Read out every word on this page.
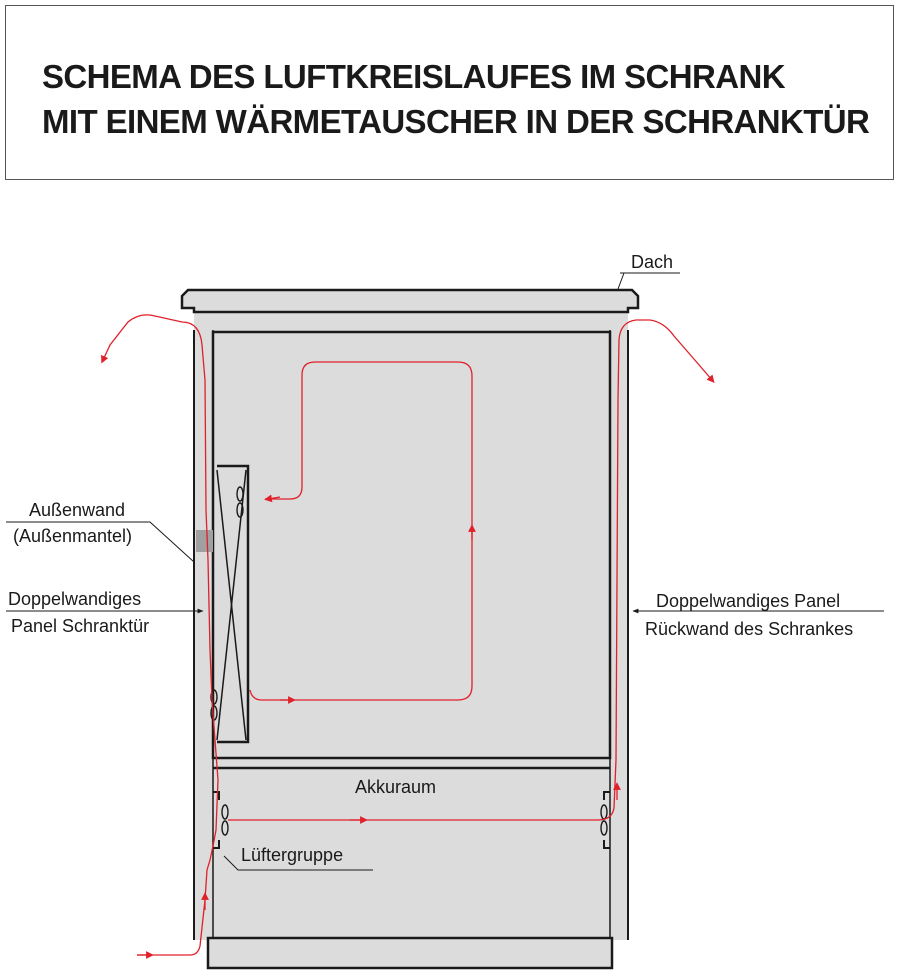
SCHEMA DES LUFTKREISLAUFES IM SCHRANK
MIT EINEM WÄRMETAUSCHER IN DER SCHRANKTÜR
Dach
Außenwand
(Außenmantel)
Doppelwandiges
Panel Schranktür
Doppelwandiges Panel
Rückwand des Schrankes
Akkuraum
Lüftergruppe
